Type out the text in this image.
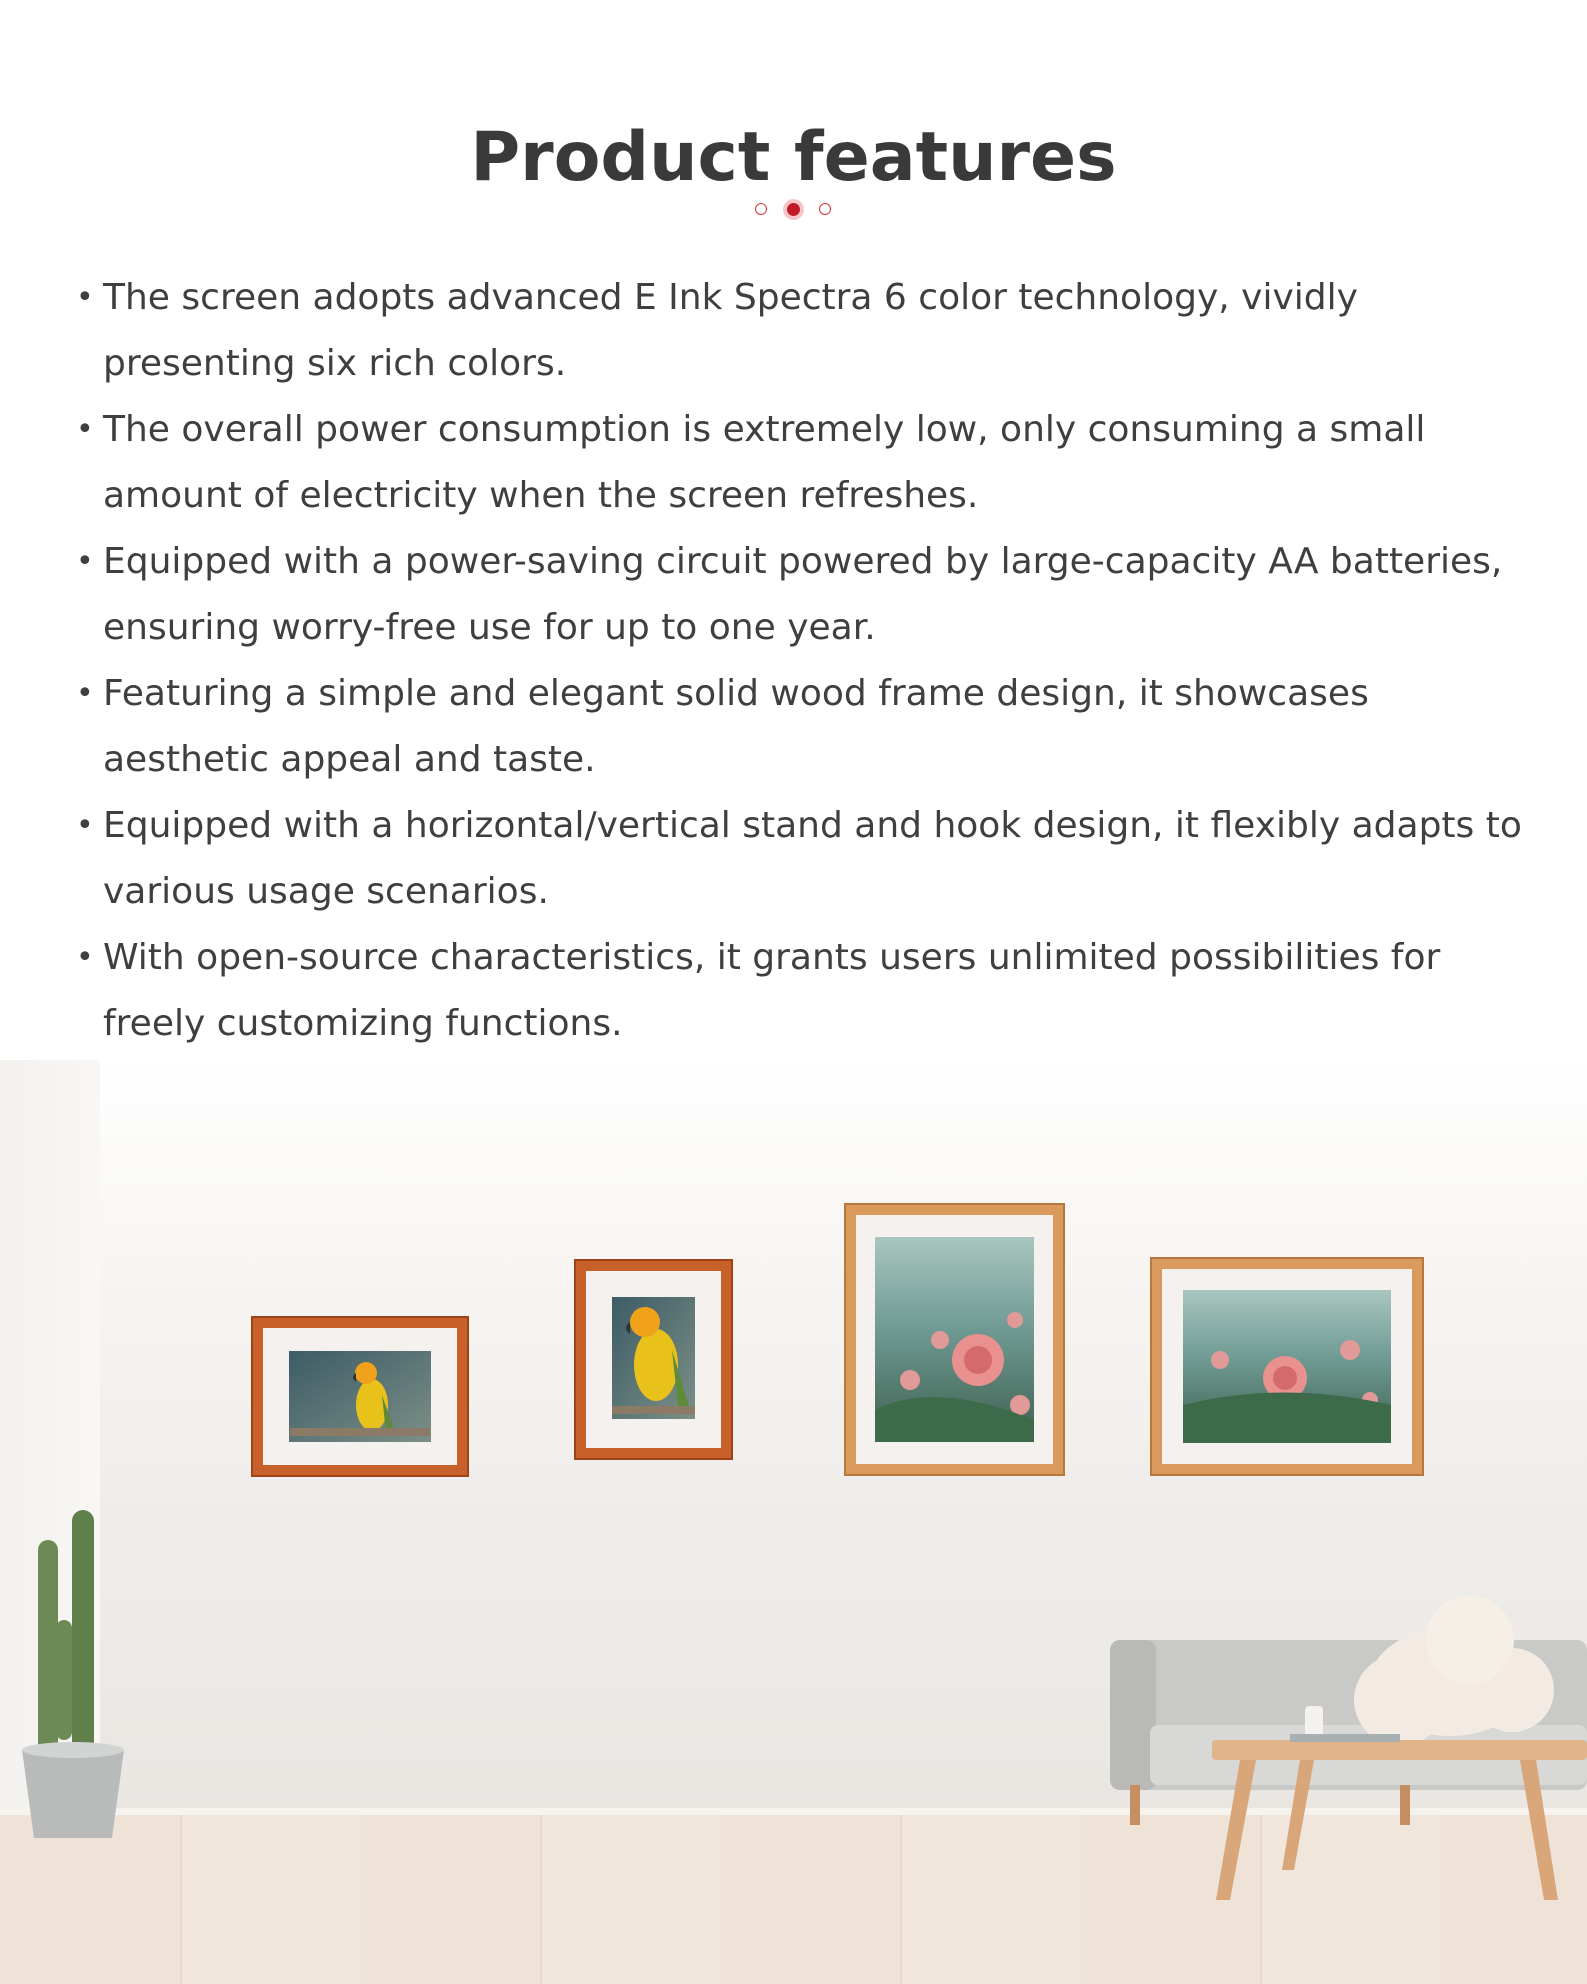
Product features
• The screen adopts advanced E Ink Spectra 6 color technology, vividly presenting six rich colors.
• The overall power consumption is extremely low, only consuming a small amount of electricity when the screen refreshes.
• Equipped with a power-saving circuit powered by large-capacity AA batteries, ensuring worry-free use for up to one year.
• Featuring a simple and elegant solid wood frame design, it showcases aesthetic appeal and taste.
• Equipped with a horizontal/vertical stand and hook design, it flexibly adapts to various usage scenarios.
• With open-source characteristics, it grants users unlimited possibilities for freely customizing functions.
